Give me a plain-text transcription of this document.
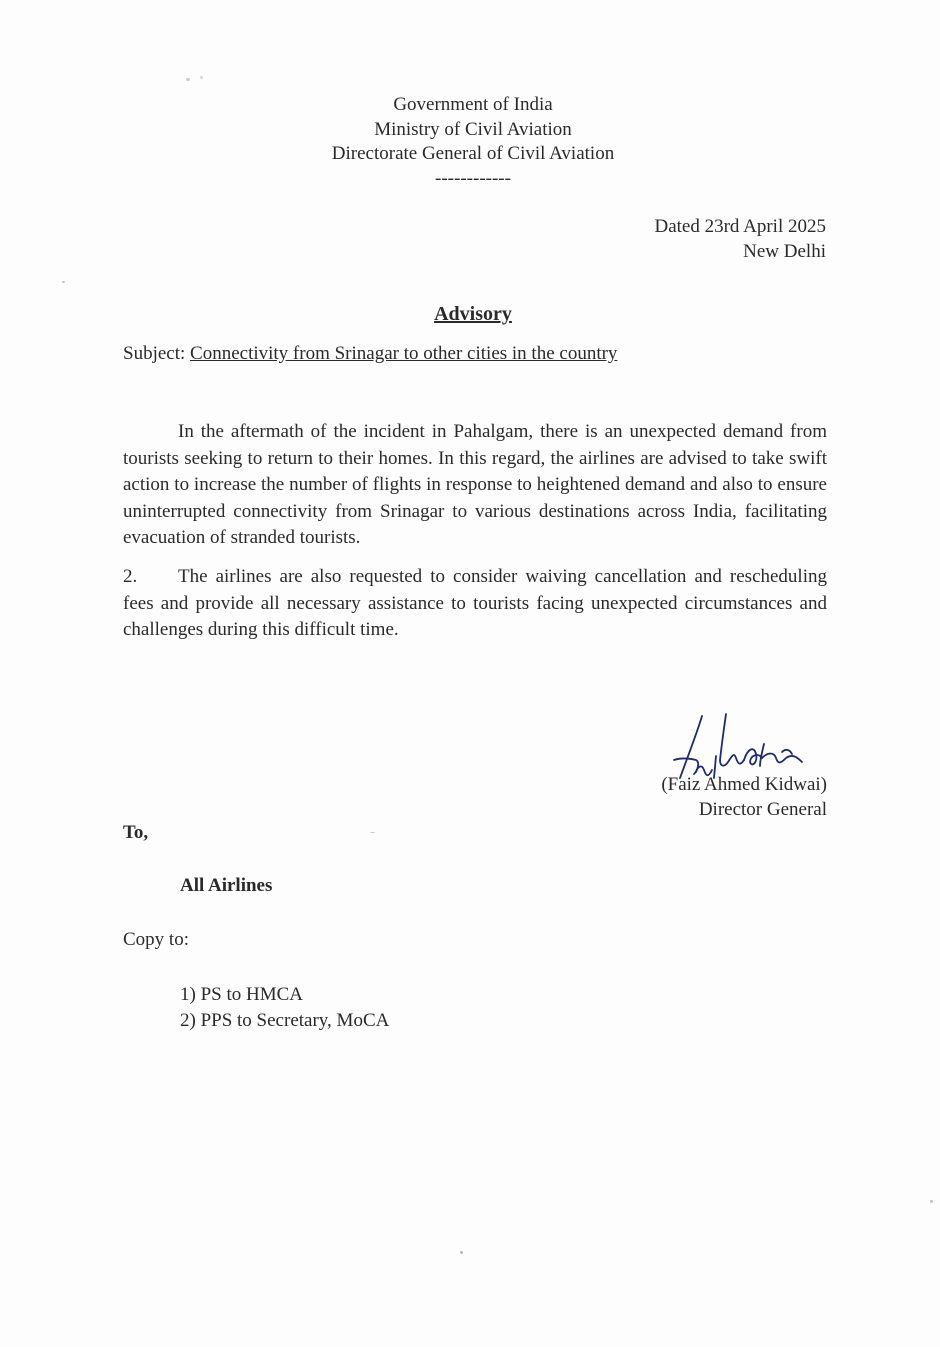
Government of India
Ministry of Civil Aviation
Directorate General of Civil Aviation
------------
Dated 23rd April 2025
New Delhi
Advisory
Subject: Connectivity from Srinagar to other cities in the country
In the aftermath of the incident in Pahalgam, there is an unexpected demand from tourists seeking to return to their homes. In this regard, the airlines are advised to take swift action to increase the number of flights in response to heightened demand and also to ensure uninterrupted connectivity from Srinagar to various destinations across India, facilitating evacuation of stranded tourists.
2. The airlines are also requested to consider waiving cancellation and rescheduling fees and provide all necessary assistance to tourists facing unexpected circumstances and challenges during this difficult time.
(Faiz Ahmed Kidwai)
Director General
To,
All Airlines
Copy to:
1) PS to HMCA
2) PPS to Secretary, MoCA
